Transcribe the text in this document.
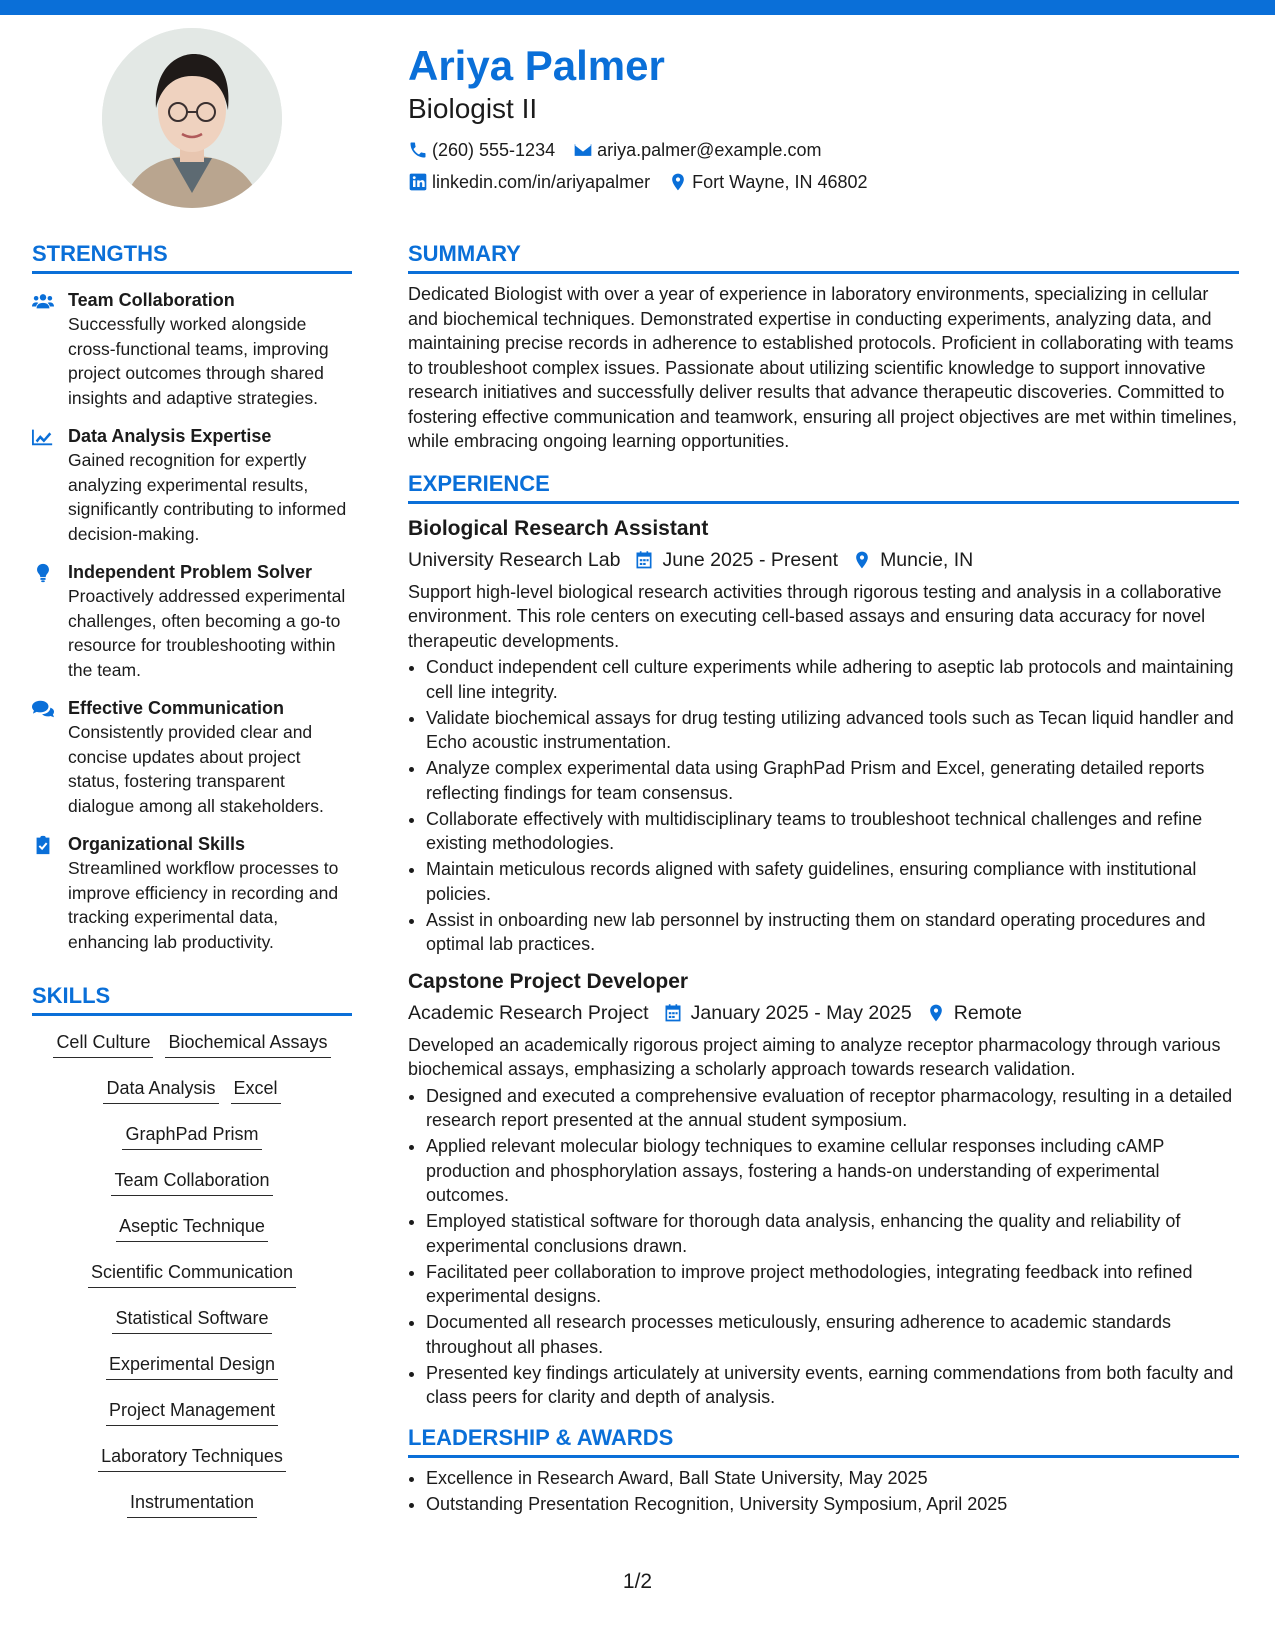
Ariya Palmer
Biologist II
(260) 555-1234 ariya.palmer@example.com
linkedin.com/in/ariyapalmer Fort Wayne, IN 46802
STRENGTHS
Team Collaboration
Successfully worked alongside cross-functional teams, improving project outcomes through shared insights and adaptive strategies.
Data Analysis Expertise
Gained recognition for expertly analyzing experimental results, significantly contributing to informed decision-making.
Independent Problem Solver
Proactively addressed experimental challenges, often becoming a go-to resource for troubleshooting within the team.
Effective Communication
Consistently provided clear and concise updates about project status, fostering transparent dialogue among all stakeholders.
Organizational Skills
Streamlined workflow processes to improve efficiency in recording and tracking experimental data, enhancing lab productivity.
SKILLS
Cell Culture Biochemical Assays
Data Analysis Excel
GraphPad Prism
Team Collaboration
Aseptic Technique
Scientific Communication
Statistical Software
Experimental Design
Project Management
Laboratory Techniques
Instrumentation
SUMMARY

Dedicated Biologist with over a year of experience in laboratory environments, specializing in cellular and biochemical techniques. Demonstrated expertise in conducting experiments, analyzing data, and maintaining precise records in adherence to established protocols. Proficient in collaborating with teams to troubleshoot complex issues. Passionate about utilizing scientific knowledge to support innovative research initiatives and successfully deliver results that advance therapeutic discoveries. Committed to fostering effective communication and teamwork, ensuring all project objectives are met within timelines, while embracing ongoing learning opportunities.

EXPERIENCE
Biological Research Assistant
University Research Lab June 2025 - Present Muncie, IN
Support high-level biological research activities through rigorous testing and analysis in a collaborative environment. This role centers on executing cell-based assays and ensuring data accuracy for novel therapeutic developments.
• Conduct independent cell culture experiments while adhering to aseptic lab protocols and maintaining cell line integrity.
• Validate biochemical assays for drug testing utilizing advanced tools such as Tecan liquid handler and Echo acoustic instrumentation.
• Analyze complex experimental data using GraphPad Prism and Excel, generating detailed reports reflecting findings for team consensus.
• Collaborate effectively with multidisciplinary teams to troubleshoot technical challenges and refine existing methodologies.
• Maintain meticulous records aligned with safety guidelines, ensuring compliance with institutional policies.
• Assist in onboarding new lab personnel by instructing them on standard operating procedures and optimal lab practices.
Capstone Project Developer
Academic Research Project January 2025 - May 2025 Remote
Developed an academically rigorous project aiming to analyze receptor pharmacology through various biochemical assays, emphasizing a scholarly approach towards research validation.
• Designed and executed a comprehensive evaluation of receptor pharmacology, resulting in a detailed research report presented at the annual student symposium.
• Applied relevant molecular biology techniques to examine cellular responses including cAMP production and phosphorylation assays, fostering a hands-on understanding of experimental outcomes.
• Employed statistical software for thorough data analysis, enhancing the quality and reliability of experimental conclusions drawn.
• Facilitated peer collaboration to improve project methodologies, integrating feedback into refined experimental designs.
• Documented all research processes meticulously, ensuring adherence to academic standards throughout all phases.
• Presented key findings articulately at university events, earning commendations from both faculty and class peers for clarity and depth of analysis.
LEADERSHIP & AWARDS
• Excellence in Research Award, Ball State University, May 2025
• Outstanding Presentation Recognition, University Symposium, April 2025
1/2
